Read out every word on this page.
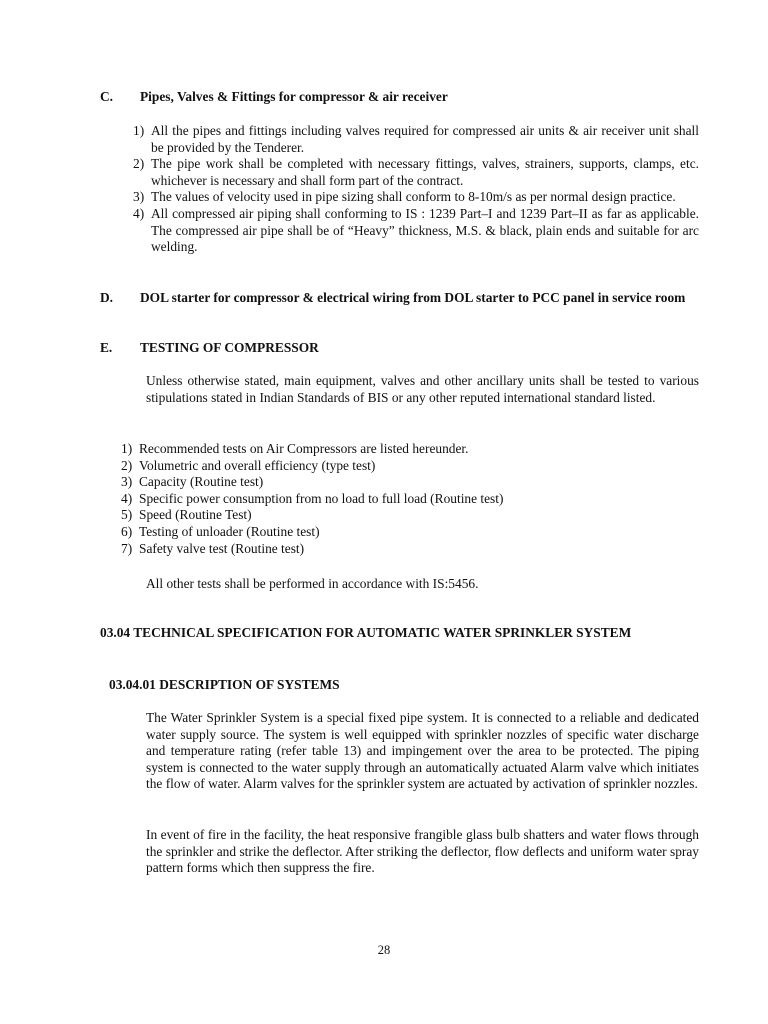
C. Pipes, Valves & Fittings for compressor & air receiver
1) All the pipes and fittings including valves required for compressed air units & air receiver unit shall be provided by the Tenderer.
2) The pipe work shall be completed with necessary fittings, valves, strainers, supports, clamps, etc. whichever is necessary and shall form part of the contract.
3) The values of velocity used in pipe sizing shall conform to 8-10m/s as per normal design practice.
4) All compressed air piping shall conforming to IS : 1239 Part–I and 1239 Part–II as far as applicable. The compressed air pipe shall be of “Heavy” thickness, M.S. & black, plain ends and suitable for arc welding.
D. DOL starter for compressor & electrical wiring from DOL starter to PCC panel in service room
E. TESTING OF COMPRESSOR
Unless otherwise stated, main equipment, valves and other ancillary units shall be tested to various stipulations stated in Indian Standards of BIS or any other reputed international standard listed.
1) Recommended tests on Air Compressors are listed hereunder.
2) Volumetric and overall efficiency (type test)
3) Capacity (Routine test)
4) Specific power consumption from no load to full load (Routine test)
5) Speed (Routine Test)
6) Testing of unloader (Routine test)
7) Safety valve test (Routine test)
All other tests shall be performed in accordance with IS:5456.
03.04 TECHNICAL SPECIFICATION FOR AUTOMATIC WATER SPRINKLER SYSTEM
03.04.01 DESCRIPTION OF SYSTEMS
The Water Sprinkler System is a special fixed pipe system. It is connected to a reliable and dedicated water supply source. The system is well equipped with sprinkler nozzles of specific water discharge and temperature rating (refer table 13) and impingement over the area to be protected. The piping system is connected to the water supply through an automatically actuated Alarm valve which initiates the flow of water. Alarm valves for the sprinkler system are actuated by activation of sprinkler nozzles.
In event of fire in the facility, the heat responsive frangible glass bulb shatters and water flows through the sprinkler and strike the deflector. After striking the deflector, flow deflects and uniform water spray pattern forms which then suppress the fire.
28
